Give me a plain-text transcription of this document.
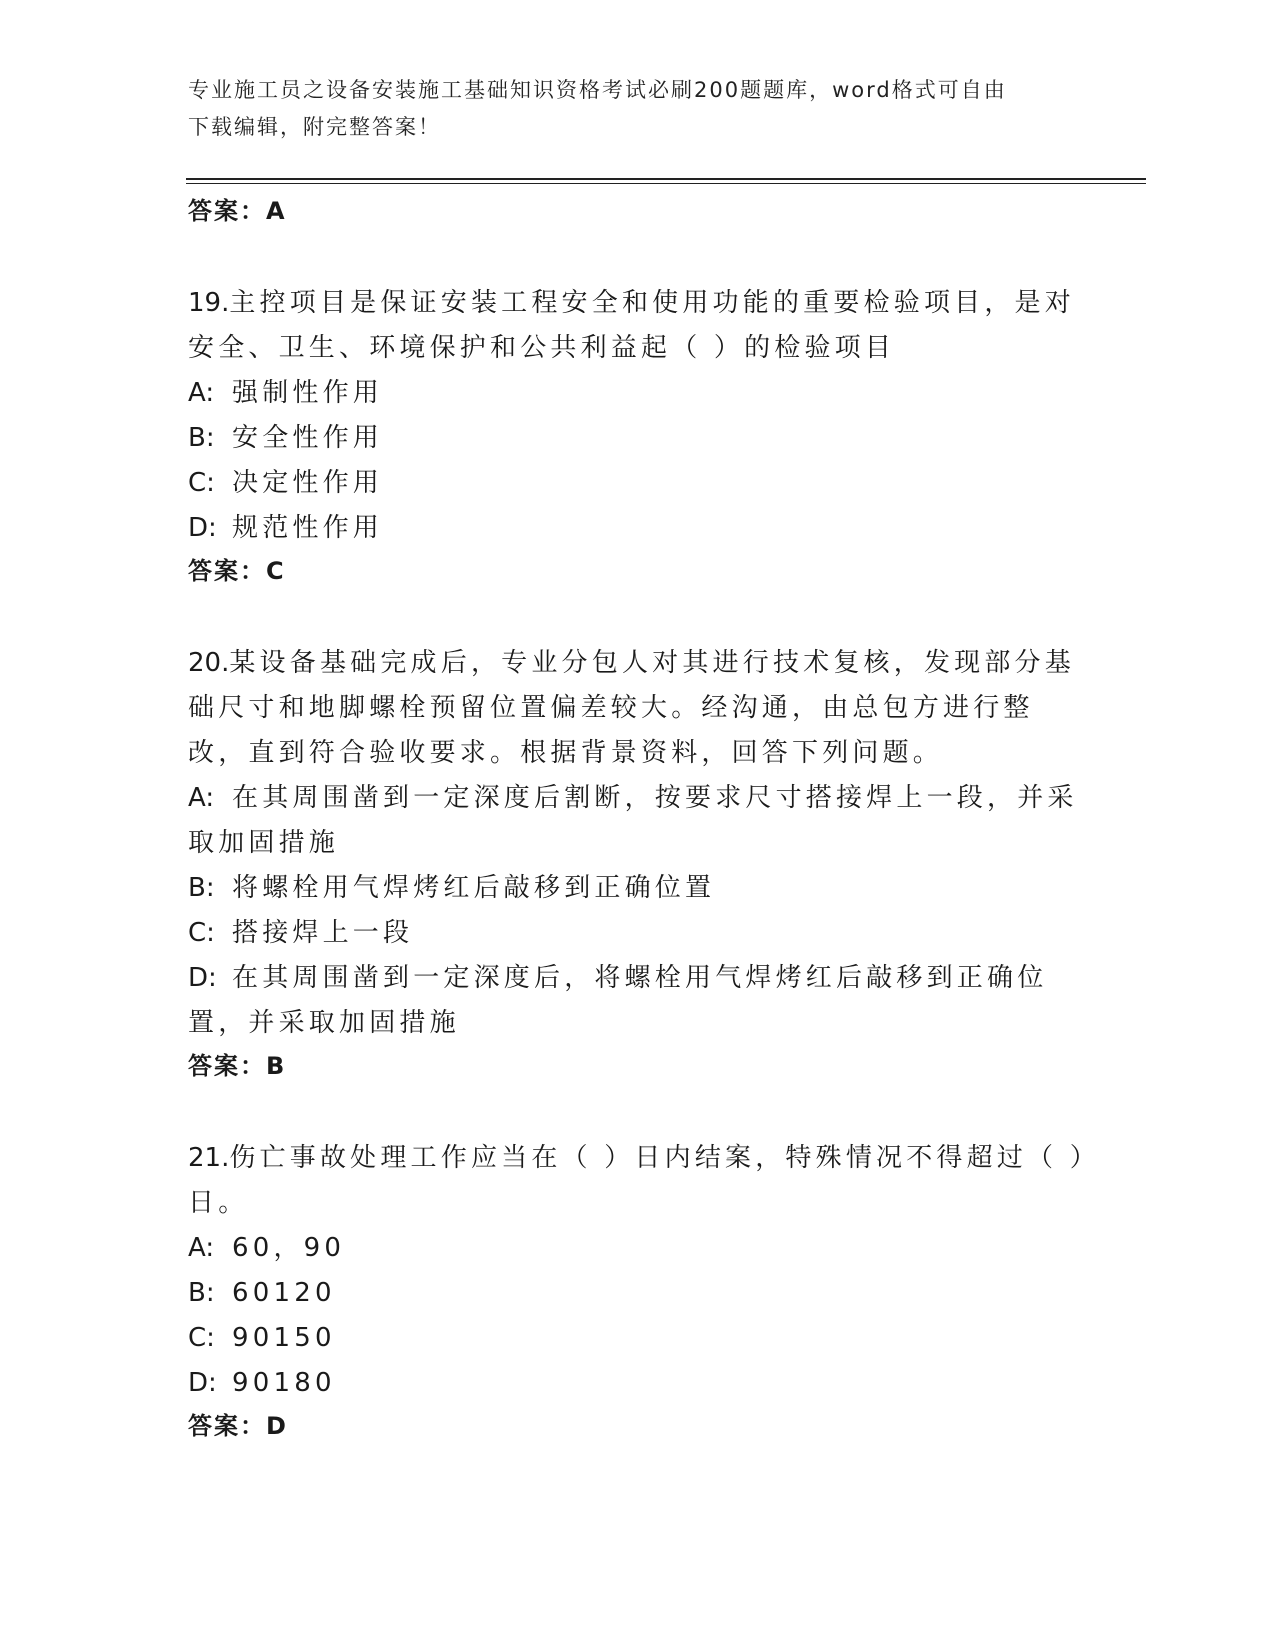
专业施工员之设备安装施工基础知识资格考试必刷200题题库，word格式可自由
下载编辑，附完整答案！
答案：A
19.主控项目是保证安装工程安全和使用功能的重要检验项目，是对安全、卫生、环境保护和公共利益起（ ）的检验项目
A: 强制性作用
B: 安全性作用
C: 决定性作用
D: 规范性作用
答案：C
20.某设备基础完成后，专业分包人对其进行技术复核，发现部分基础尺寸和地脚螺栓预留位置偏差较大。经沟通，由总包方进行整改，直到符合验收要求。根据背景资料，回答下列问题。
A: 在其周围凿到一定深度后割断，按要求尺寸搭接焊上一段，并采取加固措施
B: 将螺栓用气焊烤红后敲移到正确位置
C: 搭接焊上一段
D: 在其周围凿到一定深度后，将螺栓用气焊烤红后敲移到正确位置，并采取加固措施
答案：B
21.伤亡事故处理工作应当在（ ）日内结案，特殊情况不得超过（ ）日。
A: 60，90
B: 60120
C: 90150
D: 90180
答案：D
